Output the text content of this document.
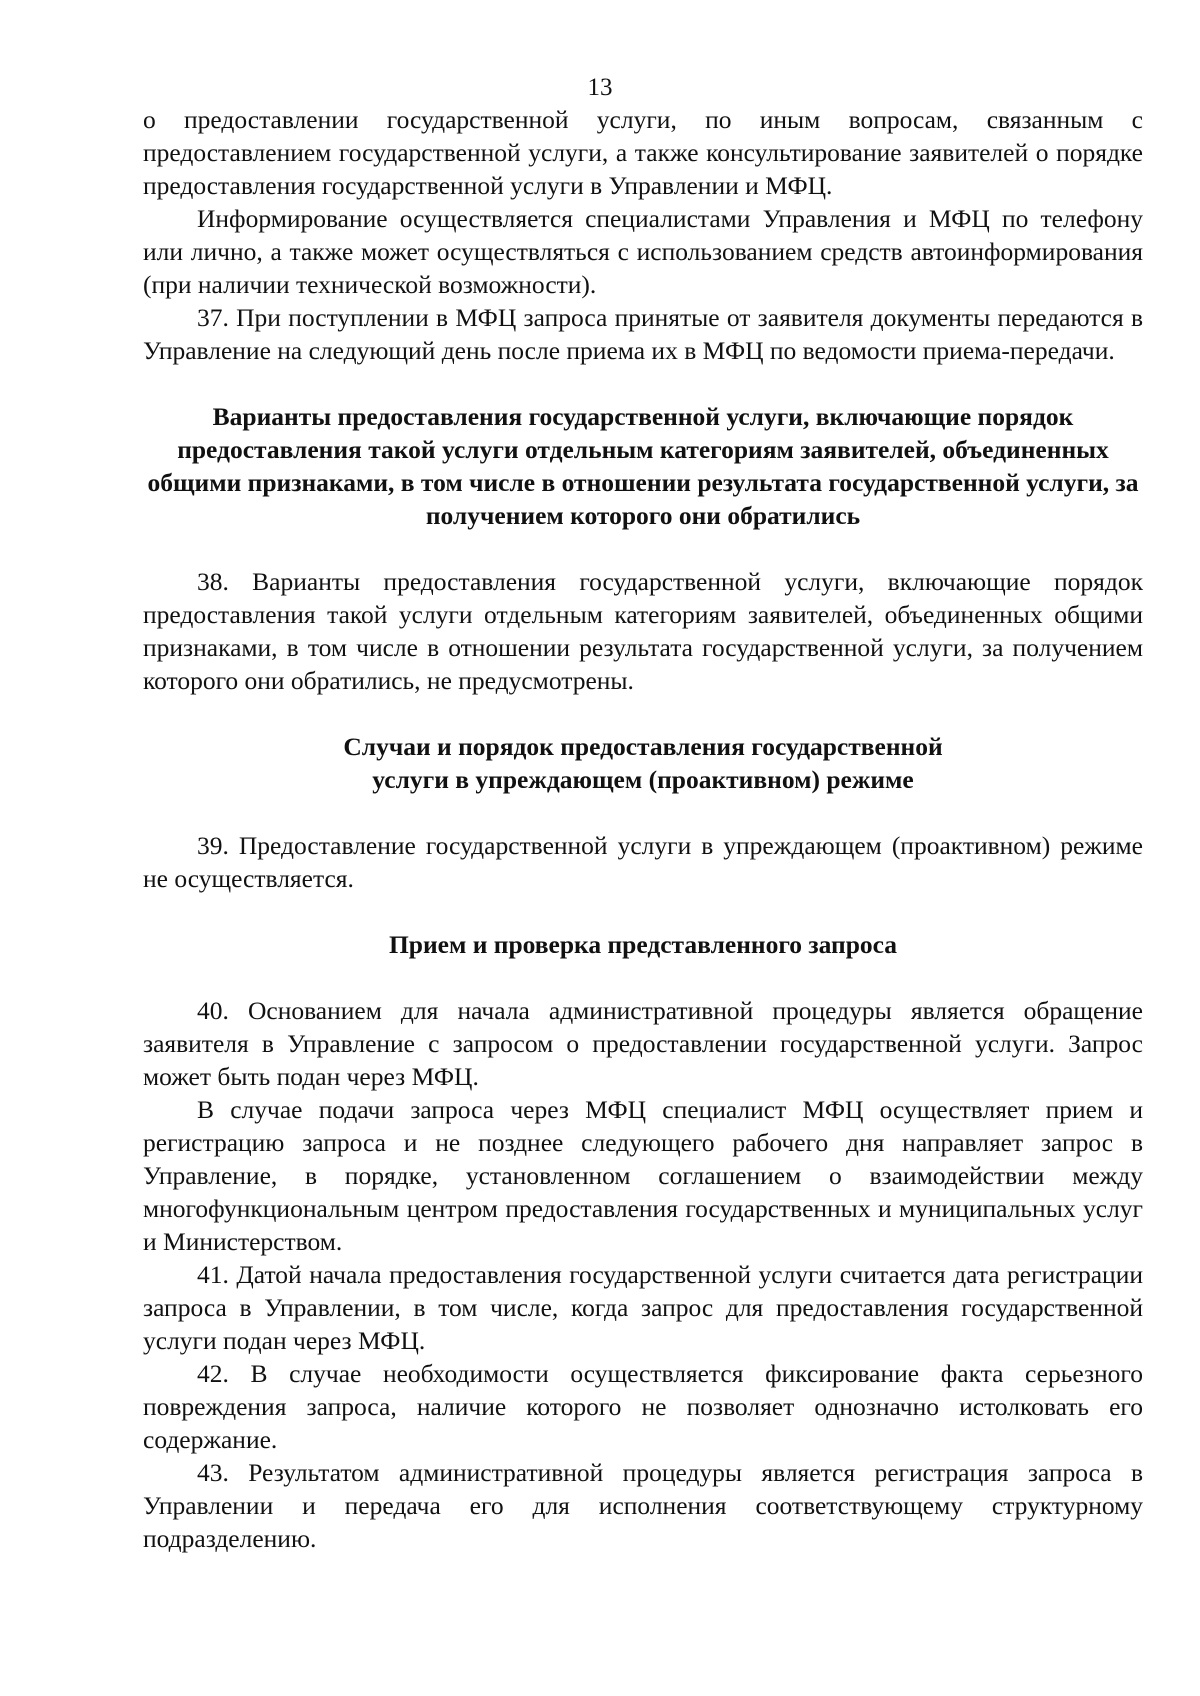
13

о предоставлении государственной услуги, по иным вопросам, связанным с предоставлением государственной услуги, а также консультирование заявителей о порядке предоставления государственной услуги в Управлении и МФЦ.

Информирование осуществляется специалистами Управления и МФЦ по телефону или лично, а также может осуществляться с использованием средств автоинформирования (при наличии технической возможности).

37. При поступлении в МФЦ запроса принятые от заявителя документы передаются в Управление на следующий день после приема их в МФЦ по ведомости приема-передачи.

Варианты предоставления государственной услуги, включающие порядок предоставления такой услуги отдельным категориям заявителей, объединенных общими признаками, в том числе в отношении результата государственной услуги, за получением которого они обратились

38. Варианты предоставления государственной услуги, включающие порядок предоставления такой услуги отдельным категориям заявителей, объединенных общими признаками, в том числе в отношении результата государственной услуги, за получением которого они обратились, не предусмотрены.

Случаи и порядок предоставления государственной услуги в упреждающем (проактивном) режиме

39. Предоставление государственной услуги в упреждающем (проактивном) режиме не осуществляется.

Прием и проверка представленного запроса

40. Основанием для начала административной процедуры является обращение заявителя в Управление с запросом о предоставлении государственной услуги. Запрос может быть подан через МФЦ.

В случае подачи запроса через МФЦ специалист МФЦ осуществляет прием и регистрацию запроса и не позднее следующего рабочего дня направляет запрос в Управление, в порядке, установленном соглашением о взаимодействии между многофункциональным центром предоставления государственных и муниципальных услуг и Министерством.

41. Датой начала предоставления государственной услуги считается дата регистрации запроса в Управлении, в том числе, когда запрос для предоставления государственной услуги подан через МФЦ.

42. В случае необходимости осуществляется фиксирование факта серьезного повреждения запроса, наличие которого не позволяет однозначно истолковать его содержание.

43. Результатом административной процедуры является регистрация запроса в Управлении и передача его для исполнения соответствующему структурному подразделению.
